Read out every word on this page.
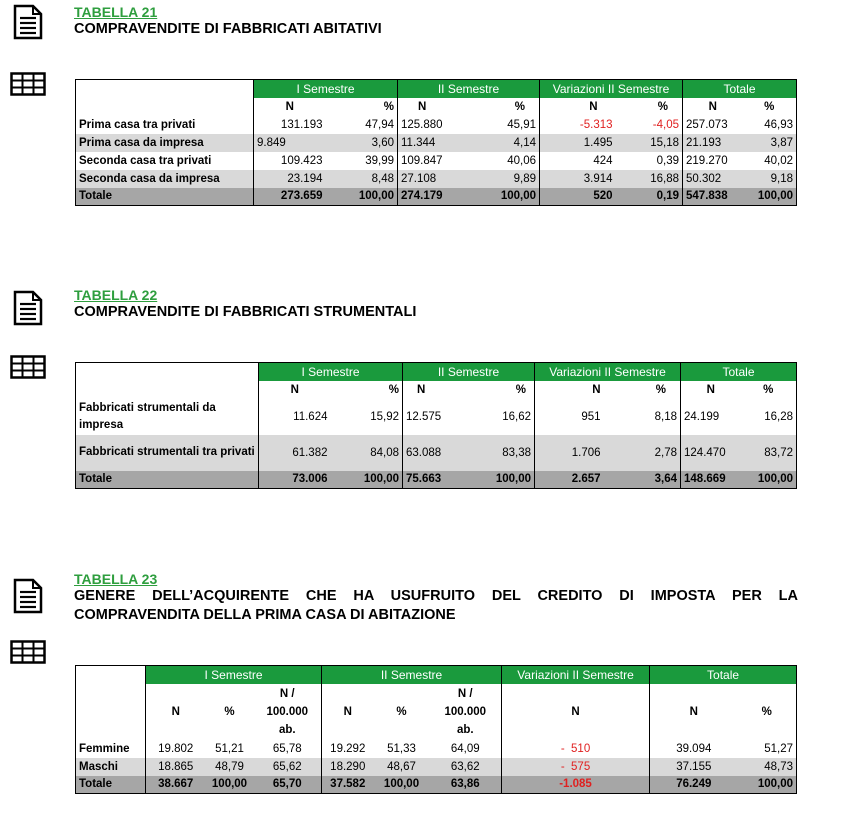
TABELLA 21
COMPRAVENDITE DI FABBRICATI ABITATIVI
	I Semestre		II Semestre		Variazioni II Semestre		Totale	
	N	%	N	%	N	%	N	%
Prima casa tra privati	131.193	47,94	125.880	45,91	-5.313	-4,05	257.073	46,93
Prima casa da impresa	9.849	3,60	11.344	4,14	1.495	15,18	21.193	3,87
Seconda casa tra privati	109.423	39,99	109.847	40,06	424	0,39	219.270	40,02
Seconda casa da impresa	23.194	8,48	27.108	9,89	3.914	16,88	50.302	9,18
Totale	273.659	100,00	274.179	100,00	520	0,19	547.838	100,00
TABELLA 22
COMPRAVENDITE DI FABBRICATI STRUMENTALI
	I Semestre		II Semestre		Variazioni II Semestre		Totale	
	N	%	N	%	N	%	N	%
Fabbricati strumentali da impresa	11.624	15,92	12.575	16,62	951	8,18	24.199	16,28
Fabbricati strumentali tra privati	61.382	84,08	63.088	83,38	1.706	2,78	124.470	83,72
Totale	73.006	100,00	75.663	100,00	2.657	3,64	148.669	100,00
TABELLA 23
GENERE DELL’ACQUIRENTE CHE HA USUFRUITO DEL CREDITO DI IMPOSTA PER LA COMPRAVENDITA DELLA PRIMA CASA DI ABITAZIONE
	I Semestre			II Semestre			Variazioni II Semestre	Totale	
	N	%	N / 100.000 ab.	N	%	N / 100.000 ab.	N	N	%
Femmine	19.802	51,21	65,78	19.292	51,33	64,09	-  510	39.094	51,27
Maschi	18.865	48,79	65,62	18.290	48,67	63,62	-  575	37.155	48,73
Totale	38.667	100,00	65,70	37.582	100,00	63,86	-1.085	76.249	100,00
